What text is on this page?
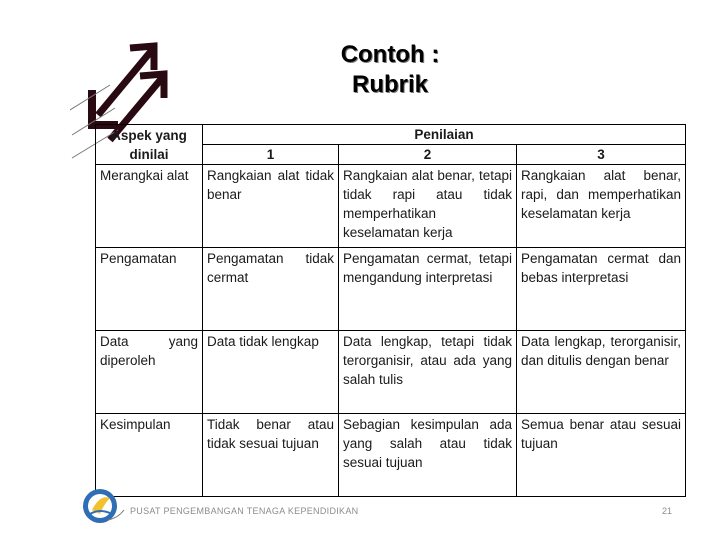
Contoh :
Rubrik
Aspek yang dinilai	Penilaian		
	1	2	3
Merangkai alat	Rangkaian alat tidak benar	Rangkaian alat benar, tetapi tidak rapi atau tidak memperhatikan keselamatan kerja	Rangkaian alat benar, rapi, dan memperhatikan keselamatan kerja
Pengamatan	Pengamatan tidak cermat	Pengamatan cermat, tetapi mengandung interpretasi	Pengamatan cermat dan bebas interpretasi
Data yang diperoleh	Data tidak lengkap	Data lengkap, tetapi tidak terorganisir, atau ada yang salah tulis	Data lengkap, terorganisir, dan ditulis dengan benar
Kesimpulan	Tidak benar atau tidak sesuai tujuan	Sebagian kesimpulan ada yang salah atau tidak sesuai tujuan	Semua benar atau sesuai tujuan
PUSAT PENGEMBANGAN TENAGA KEPENDIDIKAN	21
